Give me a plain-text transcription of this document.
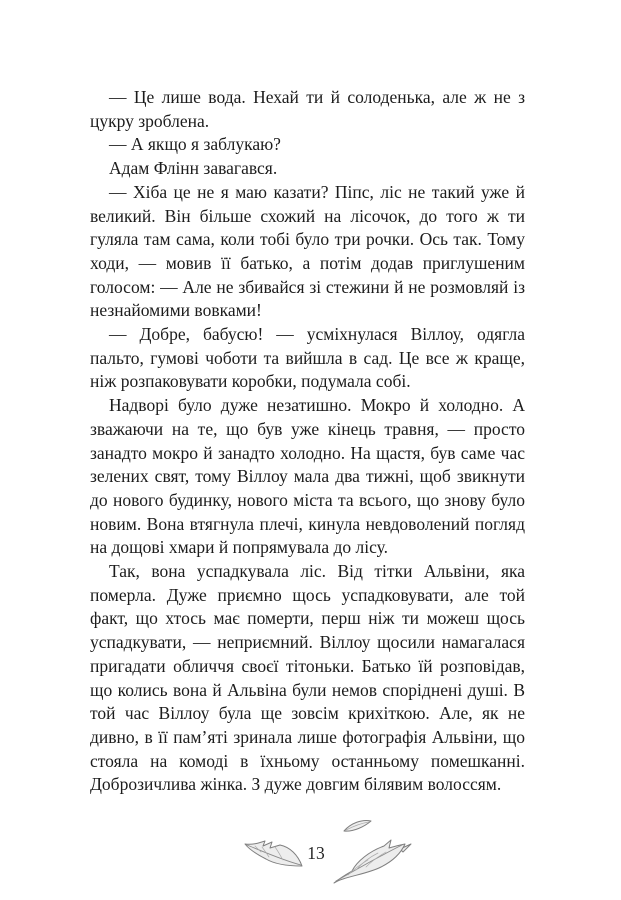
— Це лише вода. Нехай ти й солоденька, але ж не з цукру зроблена.

— А якщо я заблукаю?

Адам Флінн завагався.

— Хіба це не я маю казати? Піпс, ліс не такий уже й великий. Він більше схожий на лісочок, до того ж ти гуляла там сама, коли тобі було три рочки. Ось так. Тому ходи, — мовив її батько, а потім додав приглушеним голосом: — Але не збивайся зі стежини й не розмовляй із незнайомими вовками!

— Добре, бабусю! — усміхнулася Віллоу, одягла пальто, гумові чоботи та вийшла в сад. Це все ж краще, ніж розпаковувати коробки, подумала собі.

Надворі було дуже незатишно. Мокро й холодно. А зважаючи на те, що був уже кінець травня, — просто занадто мокро й занадто холодно. На щастя, був саме час зелених свят, тому Віллоу мала два тижні, щоб звикнути до нового будинку, нового міста та всього, що знову було новим. Вона втягнула плечі, кинула невдоволений погляд на дощові хмари й попрямувала до лісу.

Так, вона успадкувала ліс. Від тітки Альвіни, яка померла. Дуже приємно щось успадковувати, але той факт, що хтось має померти, перш ніж ти можеш щось успадкувати, — неприємний. Віллоу щосили намагалася пригадати обличчя своєї тітоньки. Батько їй розповідав, що колись вона й Альвіна були немов споріднені душі. В той час Віллоу була ще зовсім крихіткою. Але, як не дивно, в її пам’яті зринала лише фотографія Альвіни, що стояла на комоді в їхньому останньому помешканні. Доброзичлива жінка. З дуже довгим білявим волоссям.

13
